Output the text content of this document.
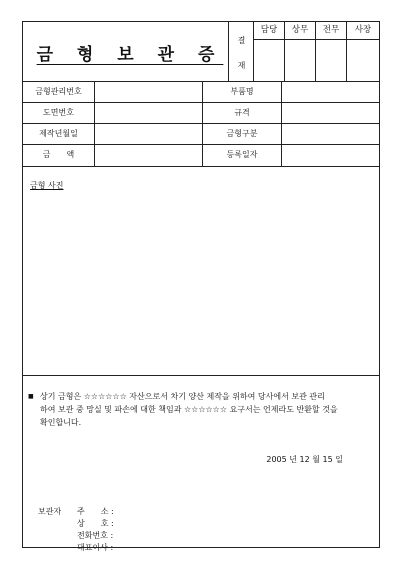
금 형 보 관 증
결
재
담당	상무	전무	사장
금형관리번호	부품명
도면번호	규격
제작년월일	금형구분
금　　액	등록일자
금형 사진
■ 상기 금형은 ☆☆☆☆☆☆ 자산으로서 차기 양산 제작을 위하여 당사에서 보관 관리
하여 보관 중 망실 및 파손에 대한 책임과 ☆☆☆☆☆☆ 요구서는 언제라도 반환할 것을
확인합니다.
2005 년 12 월 15 일
보관자 주　　소 :
상　　호 :
전화번호 :
대표이사 :
